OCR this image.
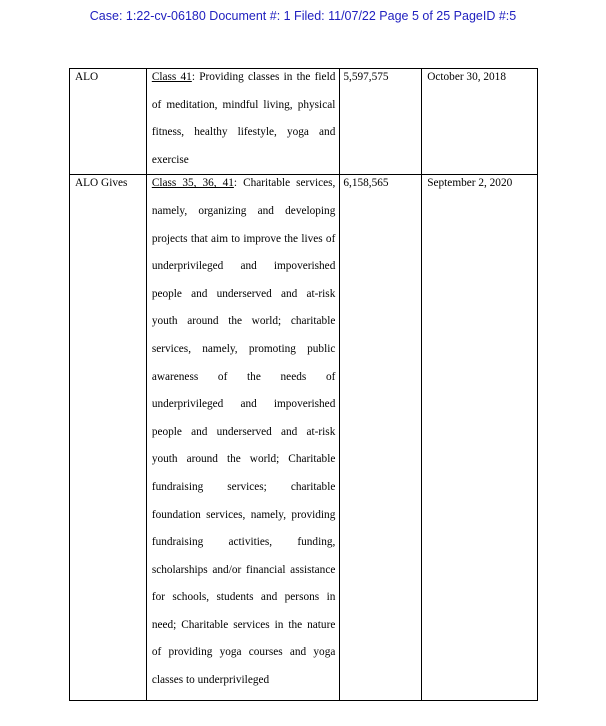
Case: 1:22-cv-06180 Document #: 1 Filed: 11/07/22 Page 5 of 25 PageID #:5
ALO	Class 41: Providing classes in the field of meditation, mindful living, physical fitness, healthy lifestyle, yoga and exercise	5,597,575	October 30, 2018
ALO Gives	Class 35, 36, 41: Charitable services, namely, organizing and developing projects that aim to improve the lives of underprivileged and impoverished people and underserved and at-risk youth around the world; charitable services, namely, promoting public awareness of the needs of underprivileged and impoverished people and underserved and at-risk youth around the world; Charitable fundraising services; charitable foundation services, namely, providing fundraising activities, funding, scholarships and/or financial assistance for schools, students and persons in need; Charitable services in the nature of providing yoga courses and yoga classes to underprivileged	6,158,565	September 2, 2020
